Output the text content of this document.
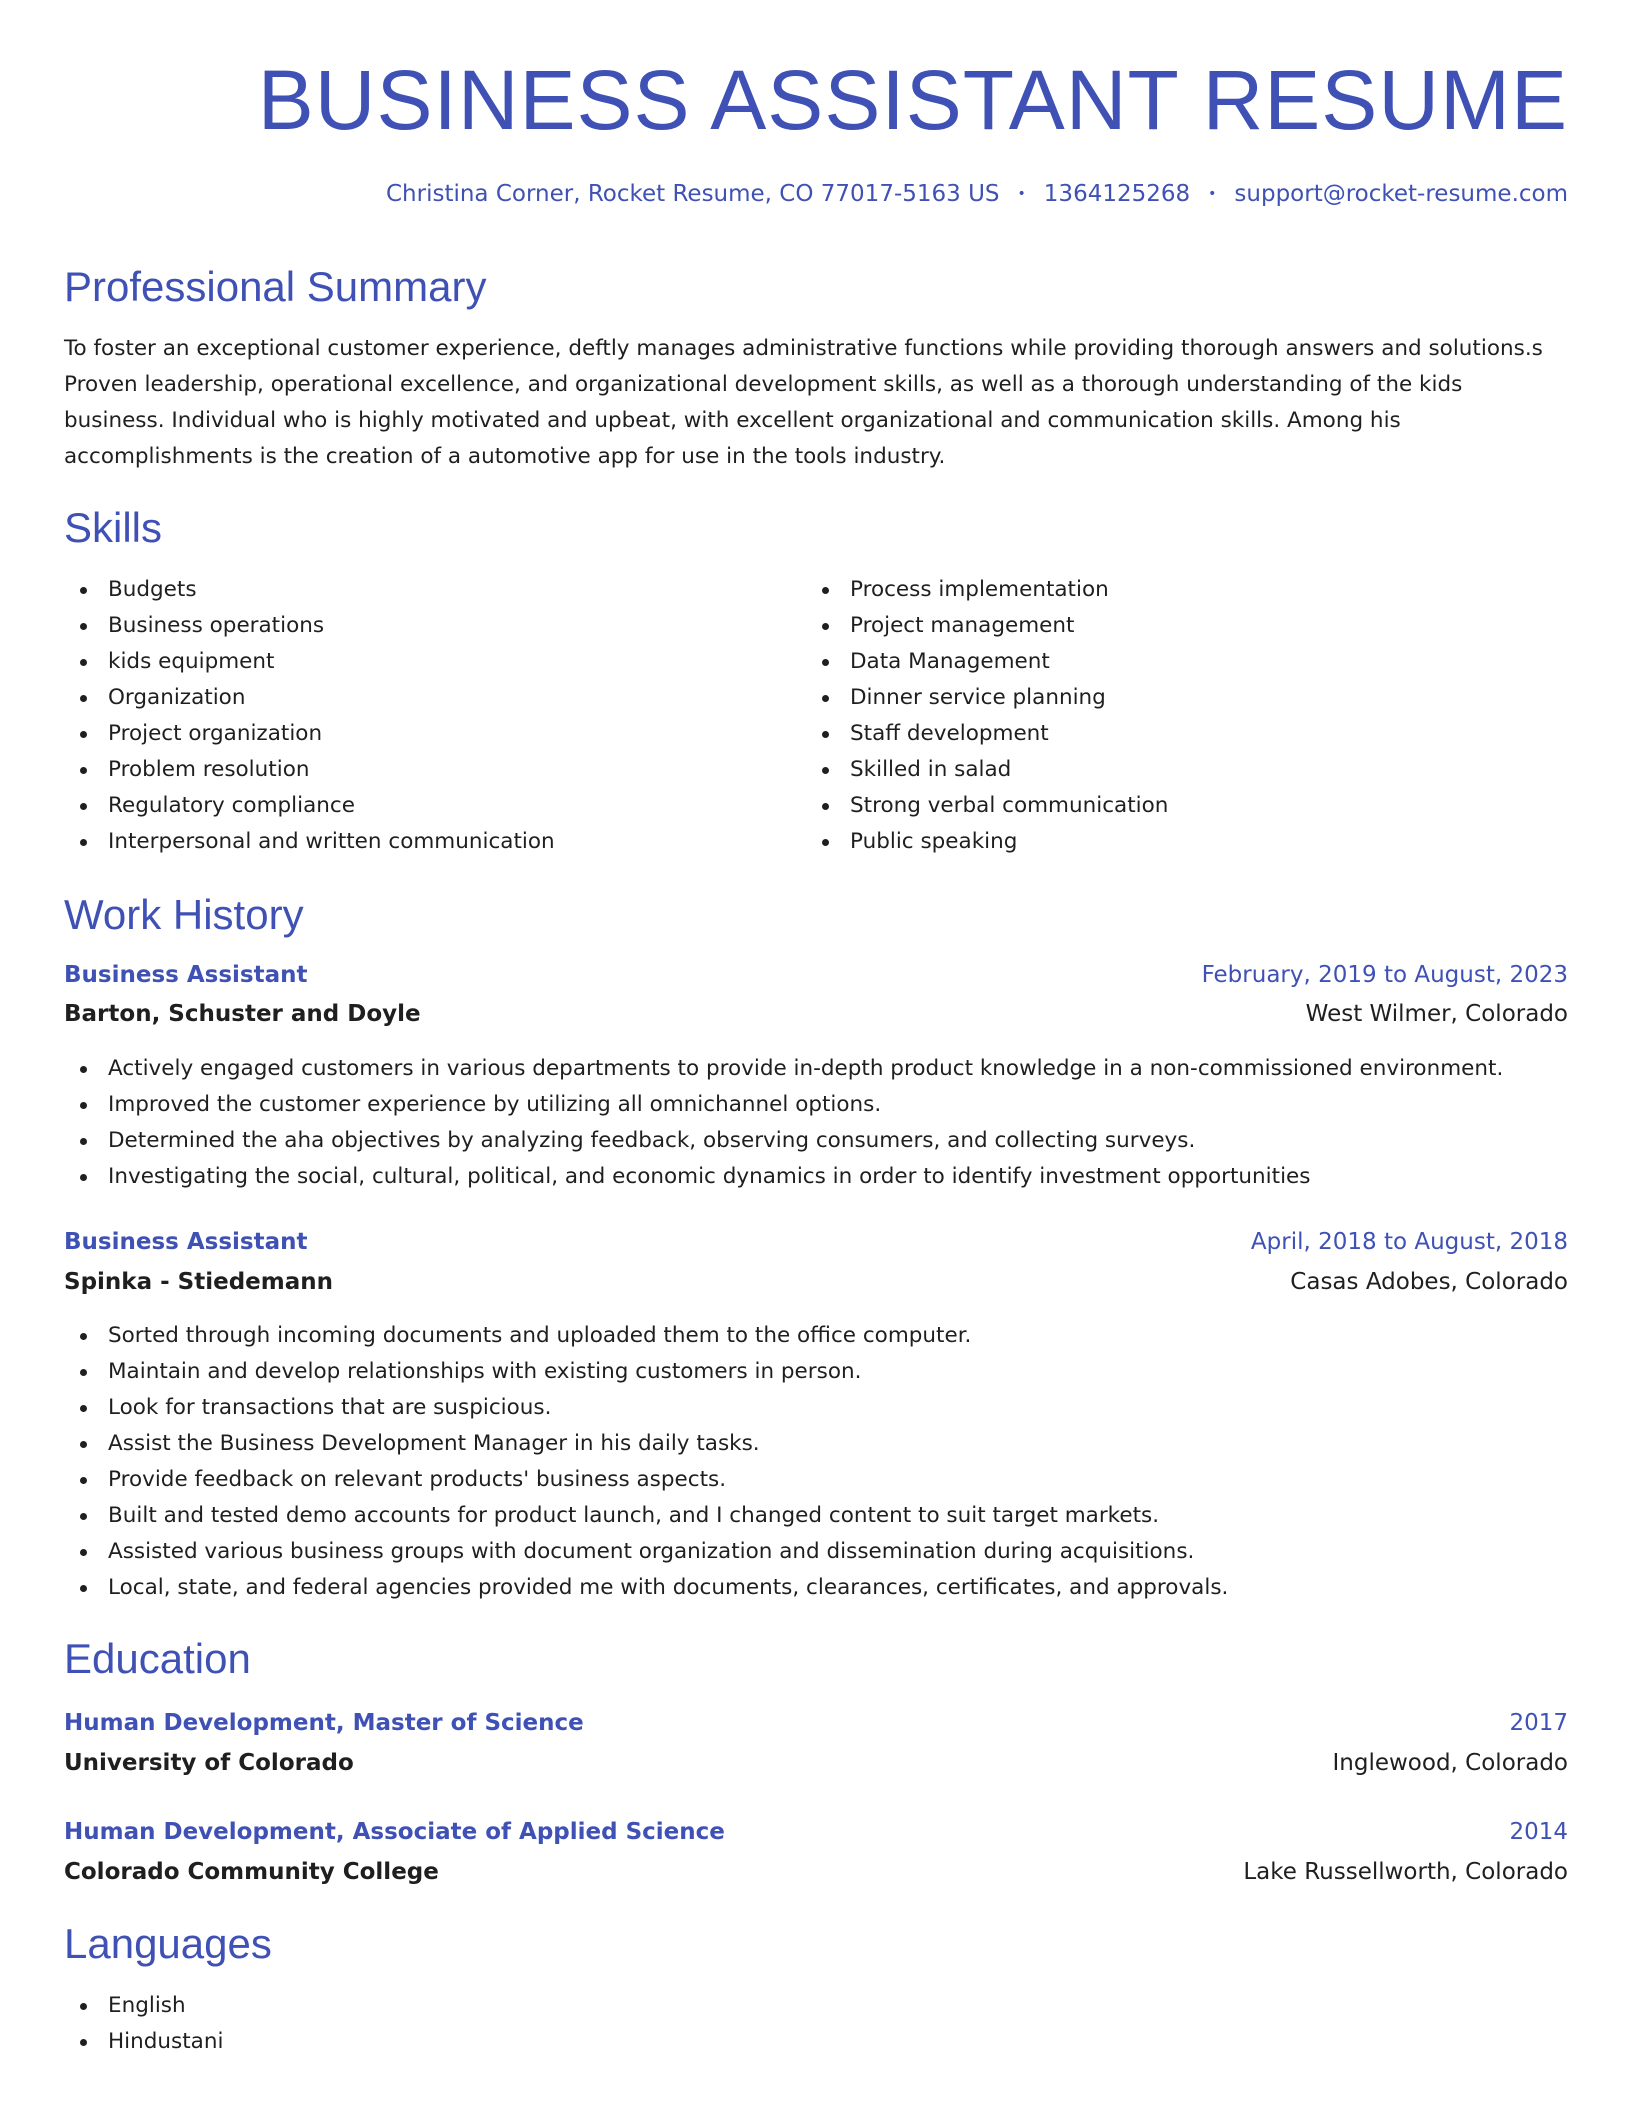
BUSINESS ASSISTANT RESUME
Christina Corner, Rocket Resume, CO 77017-5163 US • 1364125268 • support@rocket-resume.com
Professional Summary

To foster an exceptional customer experience, deftly manages administrative functions while providing thorough answers and solutions.s Proven leadership, operational excellence, and organizational development skills, as well as a thorough understanding of the kids business. Individual who is highly motivated and upbeat, with excellent organizational and communication skills. Among his accomplishments is the creation of a automotive app for use in the tools industry.

Skills
Budgets
Business operations
kids equipment
Organization
Project organization
Problem resolution
Regulatory compliance
Interpersonal and written communication
Process implementation
Project management
Data Management
Dinner service planning
Staff development
Skilled in salad
Strong verbal communication
Public speaking
Work History
Business Assistant	February, 2019 to August, 2023
Barton, Schuster and Doyle	West Wilmer, Colorado
Actively engaged customers in various departments to provide in-depth product knowledge in a non-commissioned environment.
Improved the customer experience by utilizing all omnichannel options.
Determined the aha objectives by analyzing feedback, observing consumers, and collecting surveys.
Investigating the social, cultural, political, and economic dynamics in order to identify investment opportunities
Business Assistant	April, 2018 to August, 2018
Spinka - Stiedemann	Casas Adobes, Colorado
Sorted through incoming documents and uploaded them to the office computer.
Maintain and develop relationships with existing customers in person.
Look for transactions that are suspicious.
Assist the Business Development Manager in his daily tasks.
Provide feedback on relevant products' business aspects.
Built and tested demo accounts for product launch, and I changed content to suit target markets.
Assisted various business groups with document organization and dissemination during acquisitions.
Local, state, and federal agencies provided me with documents, clearances, certificates, and approvals.
Education
Human Development, Master of Science	2017
University of Colorado	Inglewood, Colorado
Human Development, Associate of Applied Science	2014
Colorado Community College	Lake Russellworth, Colorado
Languages
English
Hindustani
